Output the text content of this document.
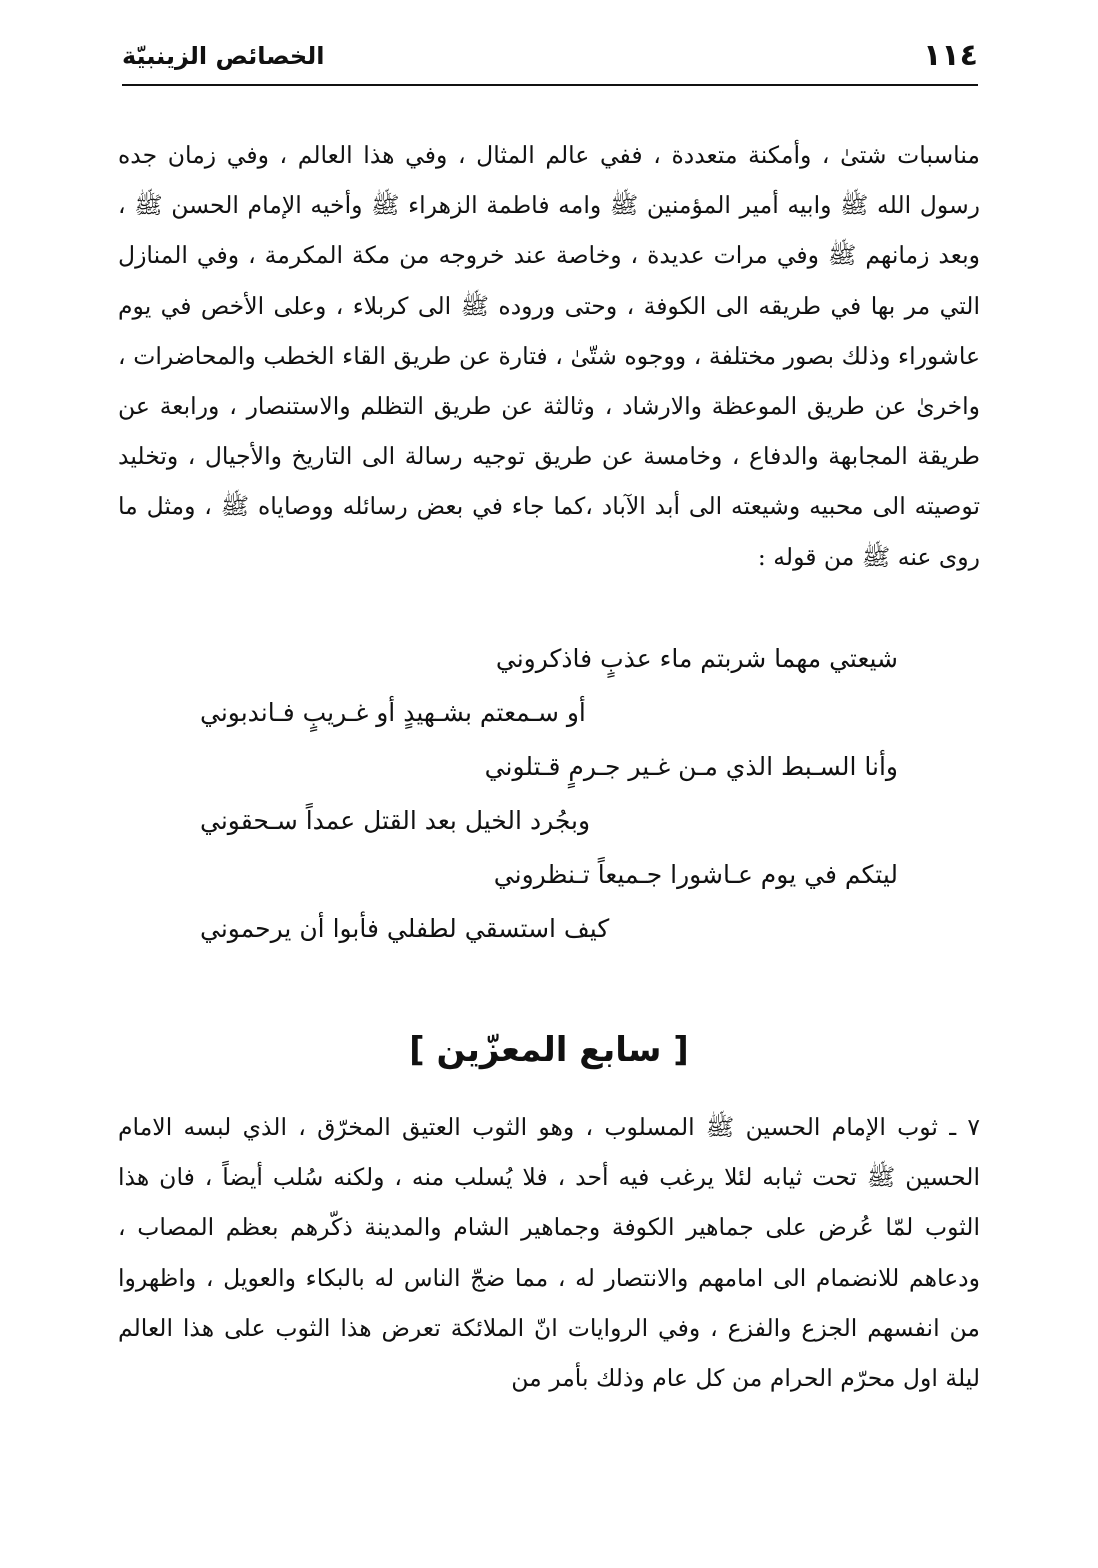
١١٤
الخصائص الزينبيّة

مناسبات شتىٰ ، وأمكنة متعددة ، ففي عالم المثال ، وفي هذا العالم ، وفي زمان جده رسول الله ﷺ وابيه أمير المؤمنين ﷺ وامه فاطمة الزهراء ﷺ وأخيه الإمام الحسن ﷺ ، وبعد زمانهم ﷺ وفي مرات عديدة ، وخاصة عند خروجه من مكة المكرمة ، وفي المنازل التي مر بها في طريقه الى الكوفة ، وحتى وروده ﷺ الى كربلاء ، وعلى الأخص في يوم عاشوراء وذلك بصور مختلفة ، ووجوه شتّىٰ ، فتارة عن طريق القاء الخطب والمحاضرات ، واخرىٰ عن طريق الموعظة والارشاد ، وثالثة عن طريق التظلم والاستنصار ، ورابعة عن طريقة المجابهة والدفاع ، وخامسة عن طريق توجيه رسالة الى التاريخ والأجيال ، وتخليد توصيته الى محبيه وشيعته الى أبد الآباد ،كما جاء في بعض رسائله ووصاياه ﷺ ، ومثل ما روى عنه ﷺ من قوله :

شيعتي مهما شربتم ماء عذبٍ فاذكروني
أو سـمعتم بشـهيدٍ أو غـريبٍ فـاندبوني
وأنا السـبط الذي مـن غـير جـرمٍ قـتلوني
وبجُرد الخيل بعد القتل عمداً سـحقوني
ليتكم في يوم عـاشورا جـميعاً تـنظروني
كيف استسقي لطفلي فأبوا أن يرحموني
[ سابع المعزّين ]

٧ ـ ثوب الإمام الحسين ﷺ المسلوب ، وهو الثوب العتيق المخرّق ، الذي لبسه الامام الحسين ﷺ تحت ثيابه لئلا يرغب فيه أحد ، فلا يُسلب منه ، ولكنه سُلب أيضاً ، فان هذا الثوب لمّا عُرض على جماهير الكوفة وجماهير الشام والمدينة ذكّرهم بعظم المصاب ، ودعاهم للانضمام الى امامهم والانتصار له ، مما ضجّ الناس له بالبكاء والعويل ، واظهروا من انفسهم الجزع والفزع ، وفي الروايات انّ الملائكة تعرض هذا الثوب على هذا العالم ليلة اول محرّم الحرام من كل عام وذلك بأمر من
